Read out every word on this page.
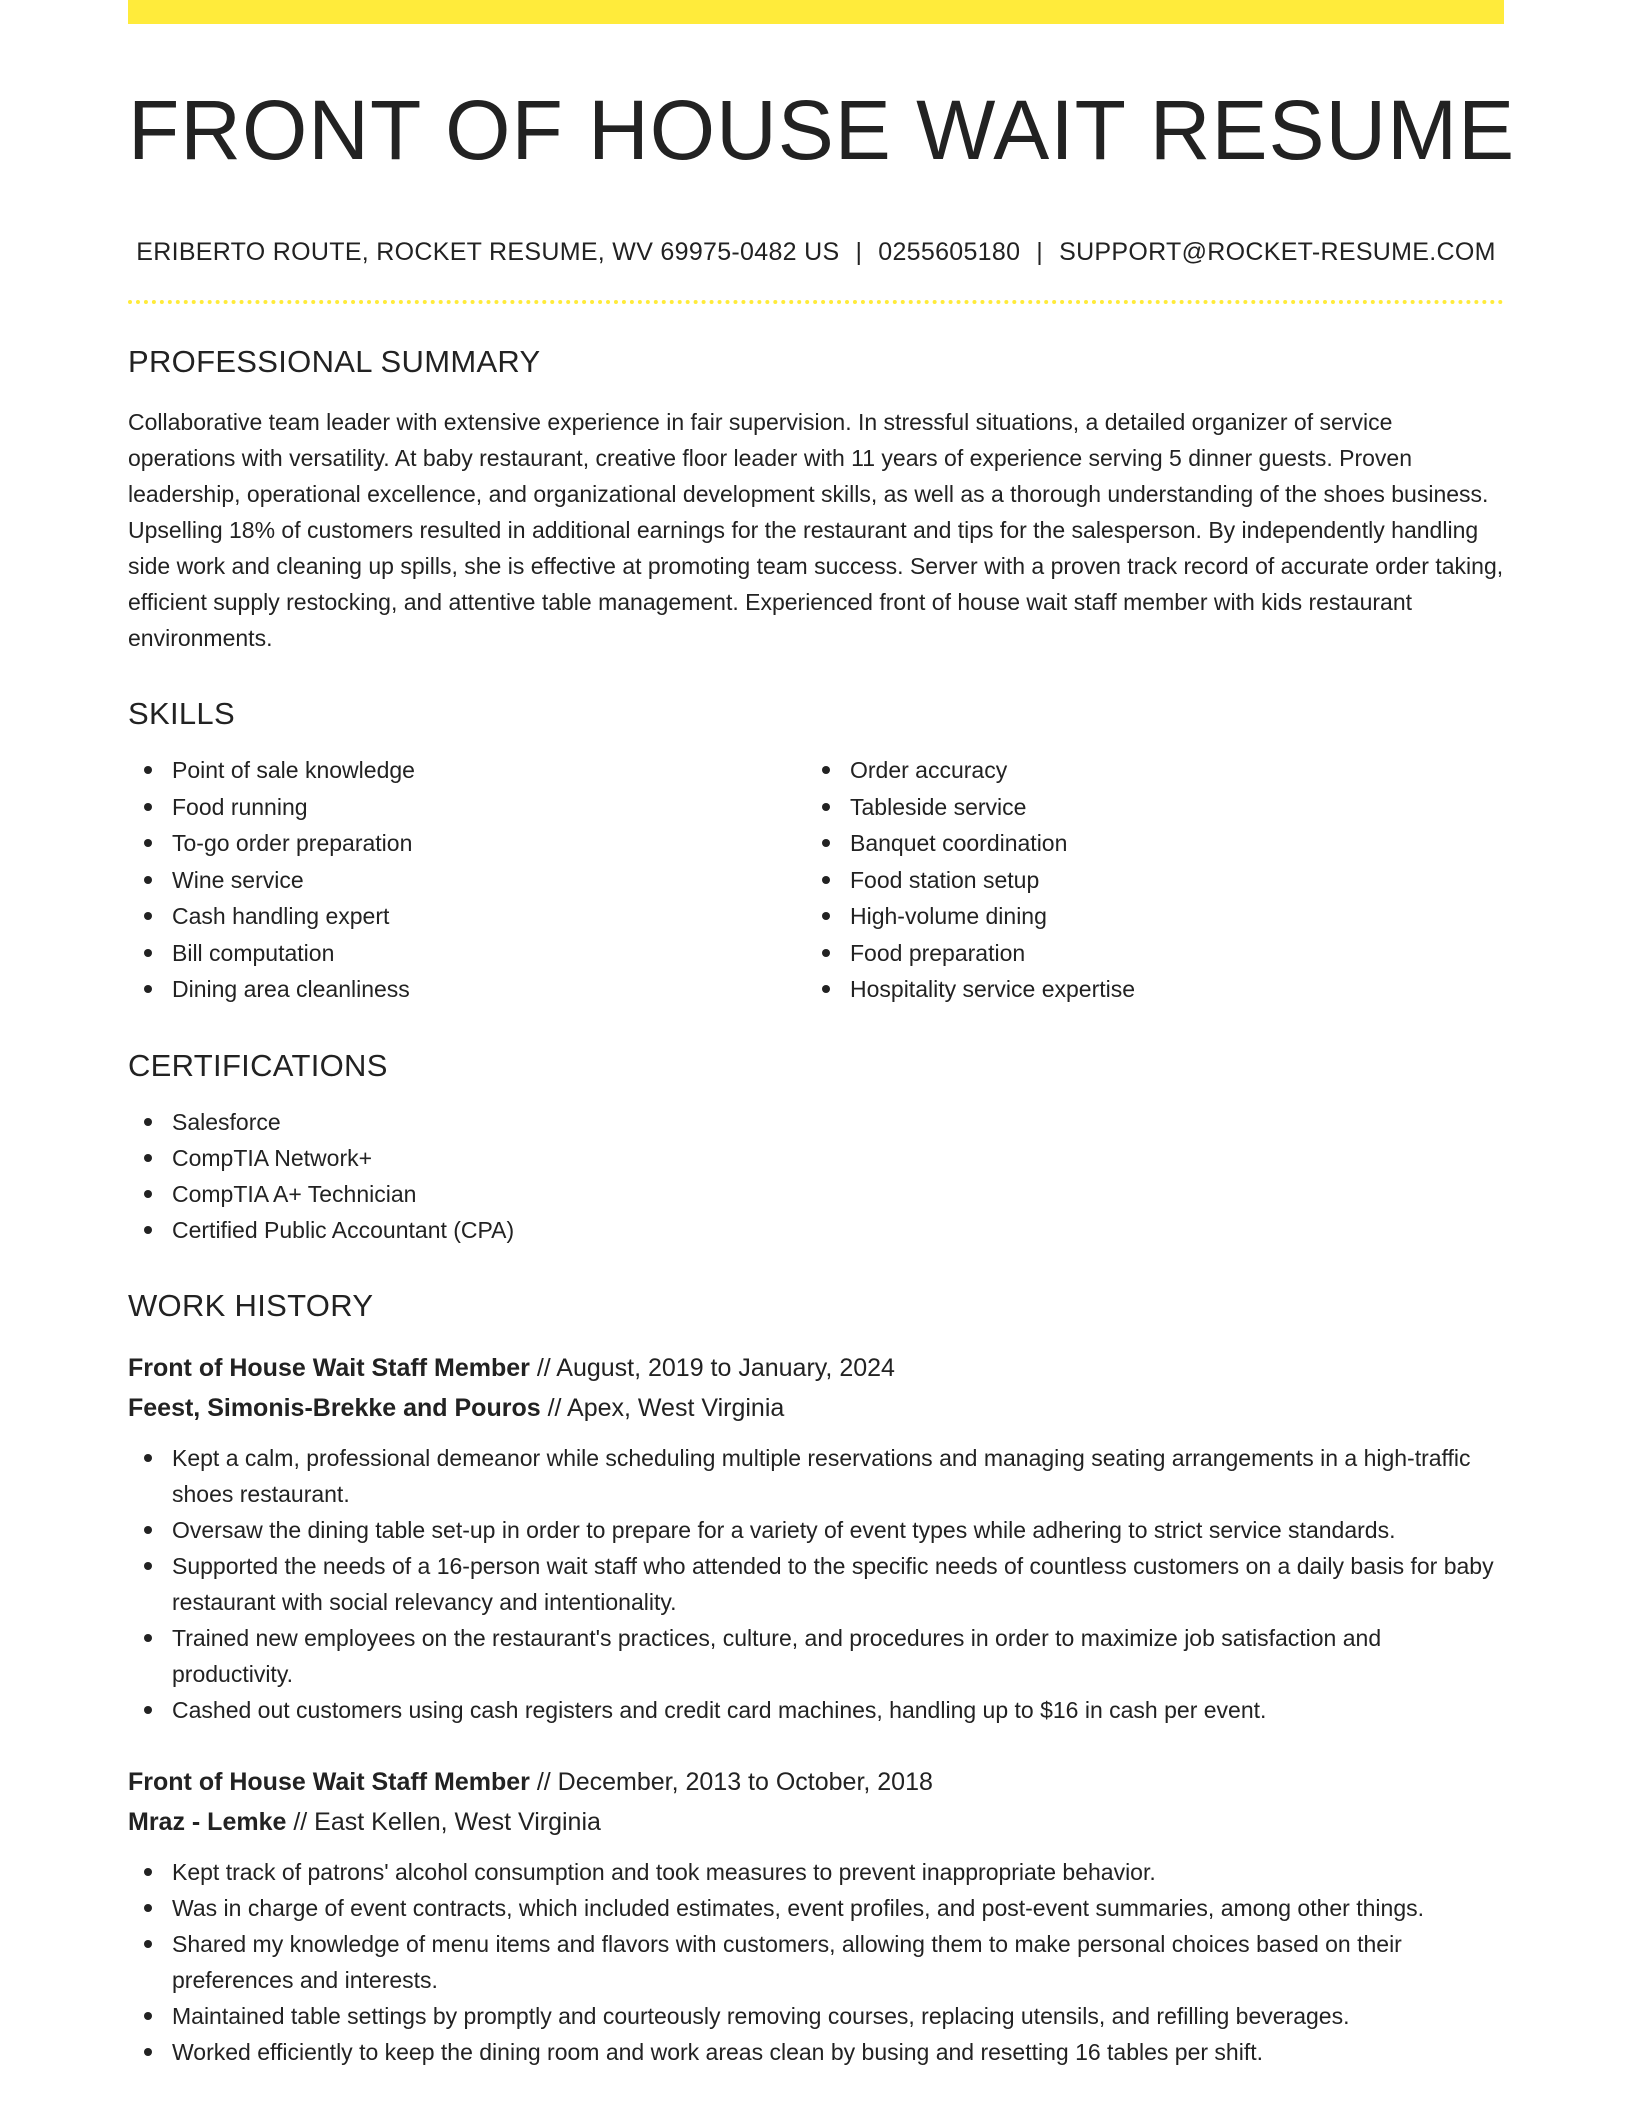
FRONT OF HOUSE WAIT RESUME
ERIBERTO ROUTE, ROCKET RESUME, WV 69975-0482 US | 0255605180 | SUPPORT@ROCKET-RESUME.COM
PROFESSIONAL SUMMARY

Collaborative team leader with extensive experience in fair supervision. In stressful situations, a detailed organizer of service operations with versatility. At baby restaurant, creative floor leader with 11 years of experience serving 5 dinner guests. Proven leadership, operational excellence, and organizational development skills, as well as a thorough understanding of the shoes business. Upselling 18% of customers resulted in additional earnings for the restaurant and tips for the salesperson. By independently handling side work and cleaning up spills, she is effective at promoting team success. Server with a proven track record of accurate order taking, efficient supply restocking, and attentive table management. Experienced front of house wait staff member with kids restaurant environments.

SKILLS
Point of sale knowledge
Food running
To-go order preparation
Wine service
Cash handling expert
Bill computation
Dining area cleanliness
Order accuracy
Tableside service
Banquet coordination
Food station setup
High-volume dining
Food preparation
Hospitality service expertise
CERTIFICATIONS
Salesforce
CompTIA Network+
CompTIA A+ Technician
Certified Public Accountant (CPA)
WORK HISTORY
Front of House Wait Staff Member // August, 2019 to January, 2024
Feest, Simonis-Brekke and Pouros // Apex, West Virginia
Kept a calm, professional demeanor while scheduling multiple reservations and managing seating arrangements in a high-traffic shoes restaurant.
Oversaw the dining table set-up in order to prepare for a variety of event types while adhering to strict service standards.
Supported the needs of a 16-person wait staff who attended to the specific needs of countless customers on a daily basis for baby restaurant with social relevancy and intentionality.
Trained new employees on the restaurant's practices, culture, and procedures in order to maximize job satisfaction and productivity.
Cashed out customers using cash registers and credit card machines, handling up to $16 in cash per event.
Front of House Wait Staff Member // December, 2013 to October, 2018
Mraz - Lemke // East Kellen, West Virginia
Kept track of patrons' alcohol consumption and took measures to prevent inappropriate behavior.
Was in charge of event contracts, which included estimates, event profiles, and post-event summaries, among other things.
Shared my knowledge of menu items and flavors with customers, allowing them to make personal choices based on their preferences and interests.
Maintained table settings by promptly and courteously removing courses, replacing utensils, and refilling beverages.
Worked efficiently to keep the dining room and work areas clean by busing and resetting 16 tables per shift.
